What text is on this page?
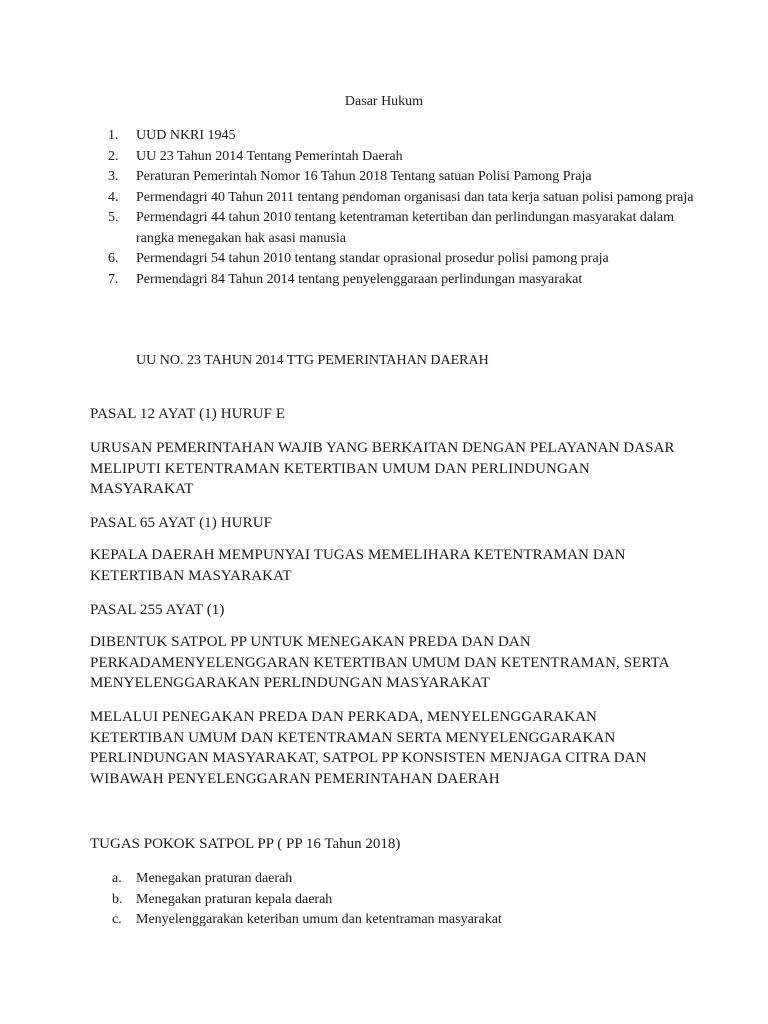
Dasar Hukum
1.	UUD NKRI 1945
2.	UU 23 Tahun 2014 Tentang Pemerintah Daerah
3.	Peraturan Pemerintah Nomor 16 Tahun 2018 Tentang satuan Polisi Pamong Praja
4.	Permendagri 40 Tahun 2011 tentang pendoman organisasi dan tata kerja satuan polisi pamong praja
5.	Permendagri 44 tahun 2010 tentang ketentraman ketertiban dan perlindungan masyarakat dalam rangka menegakan hak asasi manusia
6.	Permendagri 54 tahun 2010 tentang standar oprasional prosedur polisi pamong praja
7.	Permendagri 84 Tahun 2014 tentang penyelenggaraan perlindungan masyarakat

UU NO. 23 TAHUN 2014 TTG PEMERINTAHAN DAERAH

PASAL 12 AYAT (1) HURUF E

URUSAN PEMERINTAHAN WAJIB YANG BERKAITAN DENGAN PELAYANAN DASAR MELIPUTI KETENTRAMAN KETERTIBAN UMUM DAN PERLINDUNGAN MASYARAKAT

PASAL 65 AYAT (1) HURUF

KEPALA DAERAH MEMPUNYAI TUGAS MEMELIHARA KETENTRAMAN DAN KETERTIBAN MASYARAKAT

PASAL 255 AYAT (1)

DIBENTUK SATPOL PP UNTUK MENEGAKAN PREDA DAN DAN PERKADAMENYELENGGARAN KETERTIBAN UMUM DAN KETENTRAMAN, SERTA MENYELENGGARAKAN PERLINDUNGAN MASYARAKAT

MELALUI PENEGAKAN PREDA DAN PERKADA, MENYELENGGARAKAN KETERTIBAN UMUM DAN KETENTRAMAN SERTA MENYELENGGARAKAN PERLINDUNGAN MASYARAKAT, SATPOL PP KONSISTEN MENJAGA CITRA DAN WIBAWAH PENYELENGGARAN PEMERINTAHAN DAERAH

TUGAS POKOK SATPOL PP ( PP 16 Tahun 2018)

a. Menegakan praturan daerah
b. Menegakan praturan kepala daerah
c. Menyelenggarakan keteriban umum dan ketentraman masyarakat
